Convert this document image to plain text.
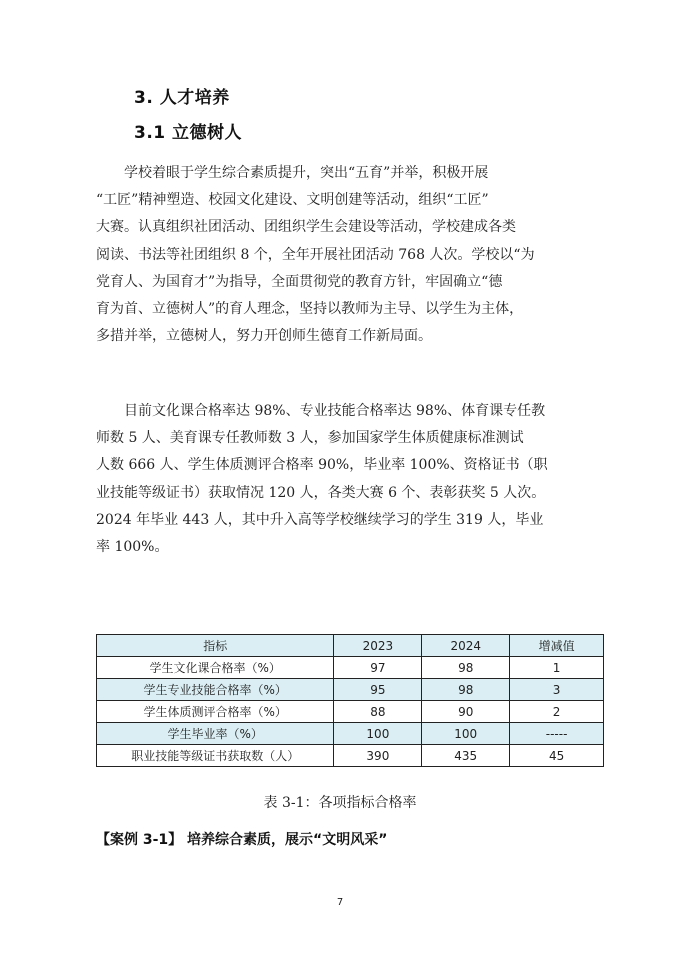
3. 人才培养
3.1 立德树人
　　学校着眼于学生综合素质提升，突出“五育”并举，积极开展
“工匠”精神塑造、校园文化建设、文明创建等活动，组织“工匠”
大赛。认真组织社团活动、团组织学生会建设等活动，学校建成各类
阅读、书法等社团组织 8 个，全年开展社团活动 768 人次。学校以“为
党育人、为国育才”为指导，全面贯彻党的教育方针，牢固确立“德
育为首、立德树人”的育人理念，坚持以教师为主导、以学生为主体，
多措并举，立德树人，努力开创师生德育工作新局面。
　　目前文化课合格率达 98%、专业技能合格率达 98%、体育课专任教
师数 5 人、美育课专任教师数 3 人，参加国家学生体质健康标准测试
人数 666 人、学生体质测评合格率 90%，毕业率 100%、资格证书（职
业技能等级证书）获取情况 120 人，各类大赛 6 个、表彰获奖 5 人次。
2024 年毕业 443 人，其中升入高等学校继续学习的学生 319 人，毕业
率 100%。
指标	2023	2024	增减值
学生文化课合格率（%）	97	98	1
学生专业技能合格率（%）	95	98	3
学生体质测评合格率（%）	88	90	2
学生毕业率（%）	100	100	-----
职业技能等级证书获取数（人）	390	435	45
表 3-1：各项指标合格率
【案例 3-1】 培养综合素质，展示“文明风采”
7
